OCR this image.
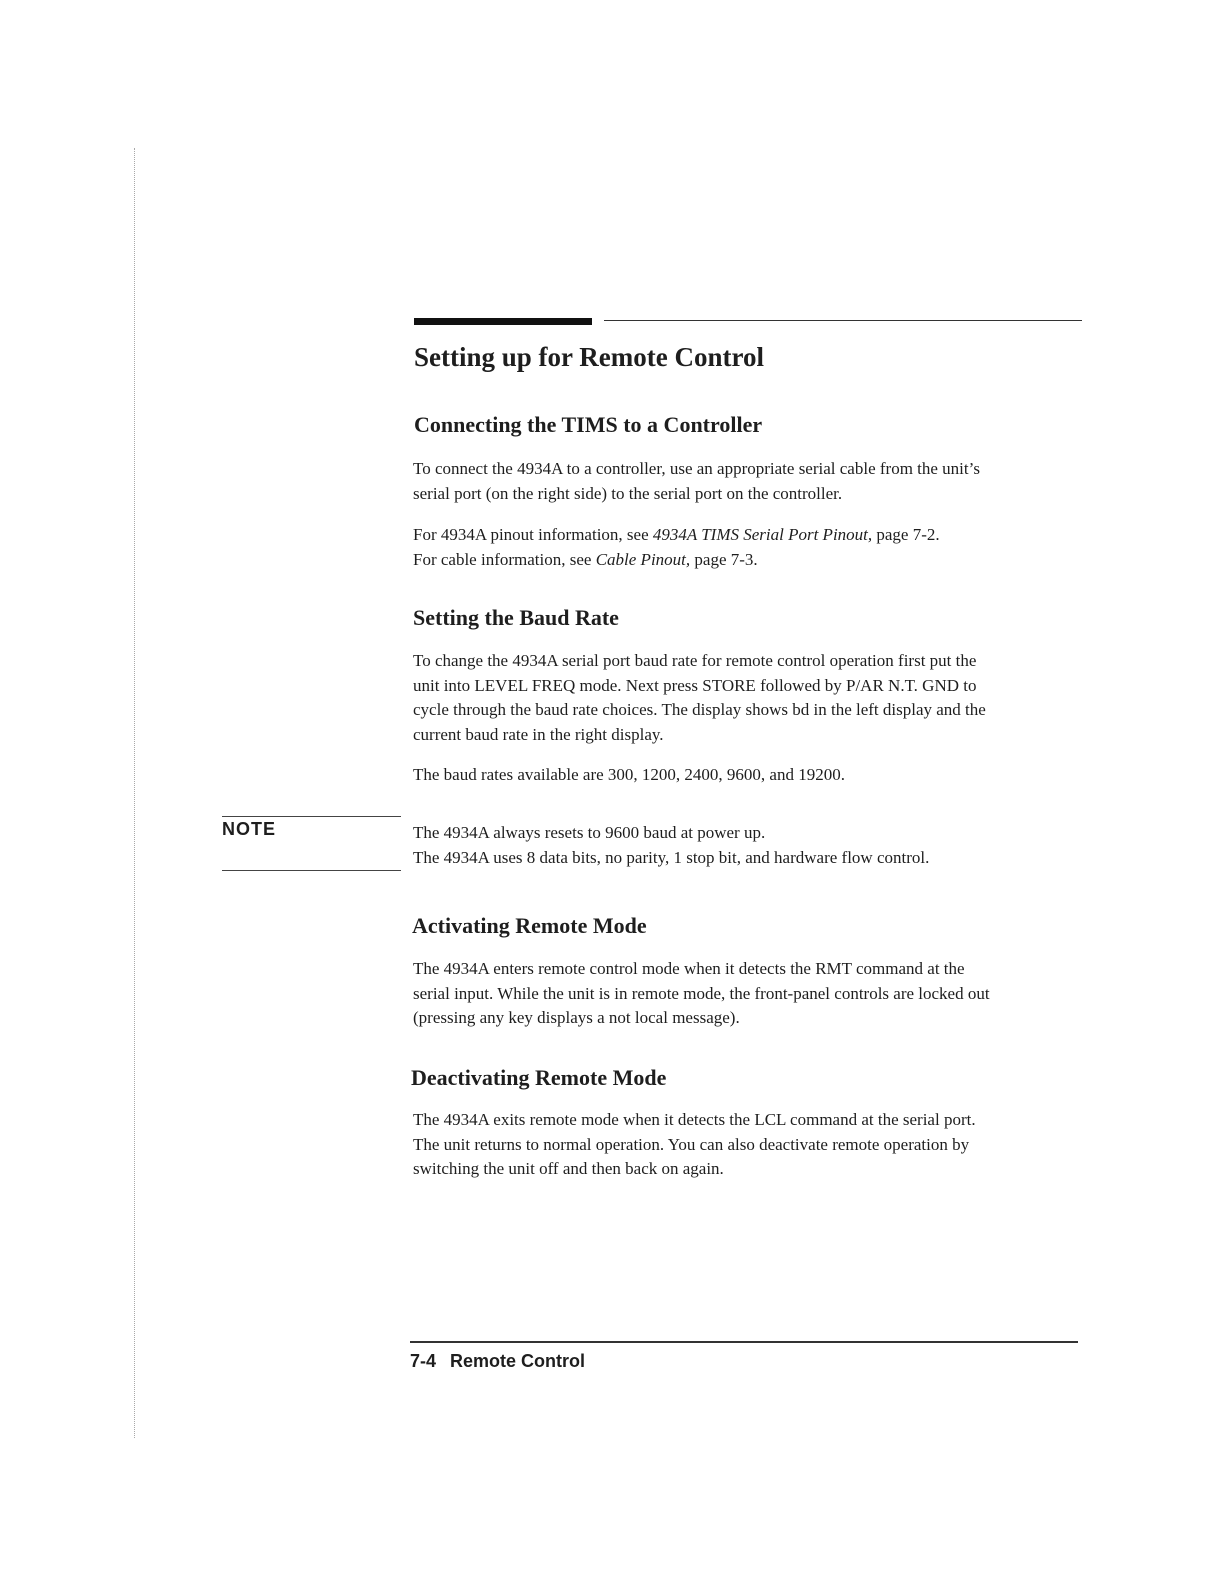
Setting up for Remote Control
Connecting the TIMS to a Controller

To connect the 4934A to a controller, use an appropriate serial cable from the unit’s
serial port (on the right side) to the serial port on the controller.

For 4934A pinout information, see 4934A TIMS Serial Port Pinout, page 7-2.
For cable information, see Cable Pinout, page 7-3.

Setting the Baud Rate

To change the 4934A serial port baud rate for remote control operation first put the
unit into LEVEL FREQ mode. Next press STORE followed by P/AR N.T. GND to
cycle through the baud rate choices. The display shows bd in the left display and the
current baud rate in the right display.

The baud rates available are 300, 1200, 2400, 9600, and 19200.

NOTE	The 4934A always resets to 9600 baud at power up.
The 4934A uses 8 data bits, no parity, 1 stop bit, and hardware flow control.

Activating Remote Mode

The 4934A enters remote control mode when it detects the RMT command at the
serial input. While the unit is in remote mode, the front-panel controls are locked out
(pressing any key displays a not local message).

Deactivating Remote Mode

The 4934A exits remote mode when it detects the LCL command at the serial port.
The unit returns to normal operation. You can also deactivate remote operation by
switching the unit off and then back on again.

7-4 Remote Control
